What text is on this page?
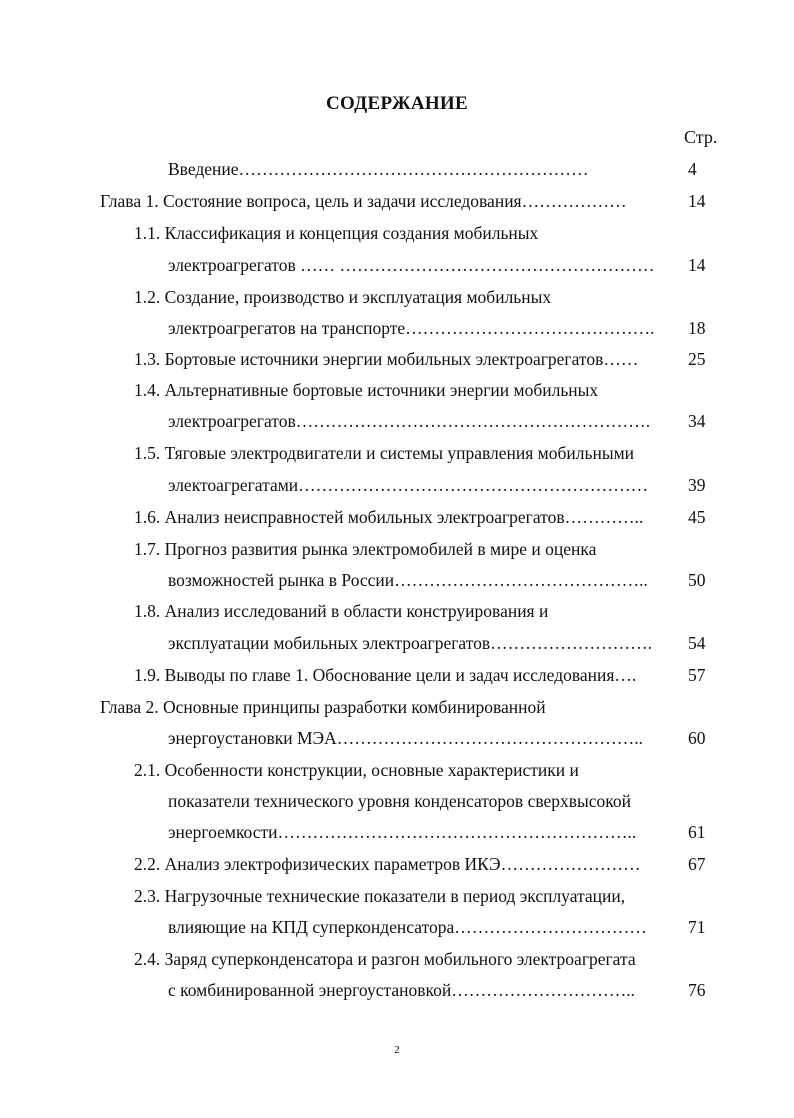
СОДЕРЖАНИЕ
Стр.
Введение……………………………………………………	4
Глава 1. Состояние вопроса, цель и задачи исследования………………	14
1.1. Классификация и концепция создания мобильных
электроагрегатов …… ……………………………………………… 14
1.2. Создание, производство и эксплуатация мобильных
электроагрегатов на транспорте……………………………………. 18
1.3. Бортовые источники энергии мобильных электроагрегатов……	25
1.4. Альтернативные бортовые источники энергии мобильных
электроагрегатов……………………………………………………. 34
1.5. Тяговые электродвигатели и системы управления мобильными
электоагрегатами…………………………………………………… 39
1.6. Анализ неисправностей мобильных электроагрегатов…………..	45
1.7. Прогноз развития рынка электромобилей в мире и оценка
возможностей рынка в России…………………………………….. 50
1.8. Анализ исследований в области конструирования и
эксплуатации мобильных электроагрегатов………………………. 54
1.9. Выводы по главе 1. Обоснование цели и задач исследования….	57
Глава 2. Основные принципы разработки комбинированной
энергоустановки МЭА……………………………………………..	60
2.1. Особенности конструкции, основные характеристики и
показатели технического уровня конденсаторов сверхвысокой
энергоемкости……………………………………………………..	61
2.2. Анализ электрофизических параметров ИКЭ……………………	67
2.3. Нагрузочные технические показатели в период эксплуатации,
влияющие на КПД суперконденсатора…………………………… 71
2.4. Заряд суперконденсатора и разгон мобильного электроагрегата
с комбинированной энергоустановкой…………………………..	76
2
